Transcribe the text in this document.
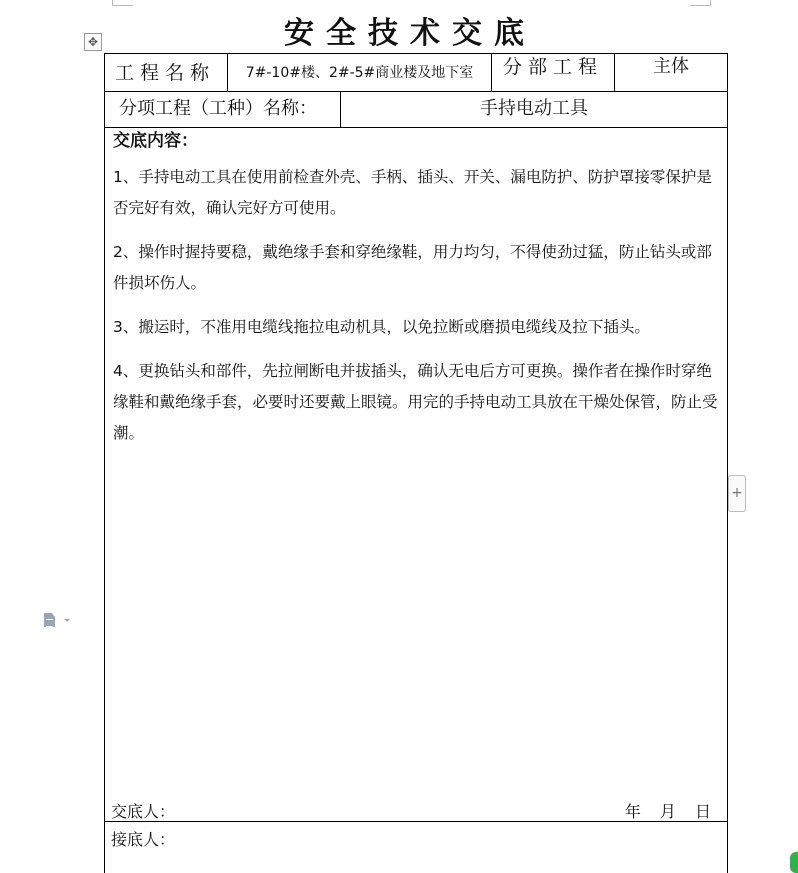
安全技术交底
✥
工程名称	7#-10#楼、2#-5#商业楼及地下室	分部工程	主体
分项工程（工种）名称：	手持电动工具

交底内容：

1、手持电动工具在使用前检查外壳、手柄、插头、开关、漏电防护、防护罩接零保护是否完好有效，确认完好方可使用。

2、操作时握持要稳，戴绝缘手套和穿绝缘鞋，用力均匀，不得使劲过猛，防止钻头或部件损坏伤人。

3、搬运时，不准用电缆线拖拉电动机具，以免拉断或磨损电缆线及拉下插头。

4、更换钻头和部件，先拉闸断电并拔插头，确认无电后方可更换。操作者在操作时穿绝缘鞋和戴绝缘手套，必要时还要戴上眼镜。用完的手持电动工具放在干燥处保管，防止受潮。

交底人：	年 月 日
接底人：
+
